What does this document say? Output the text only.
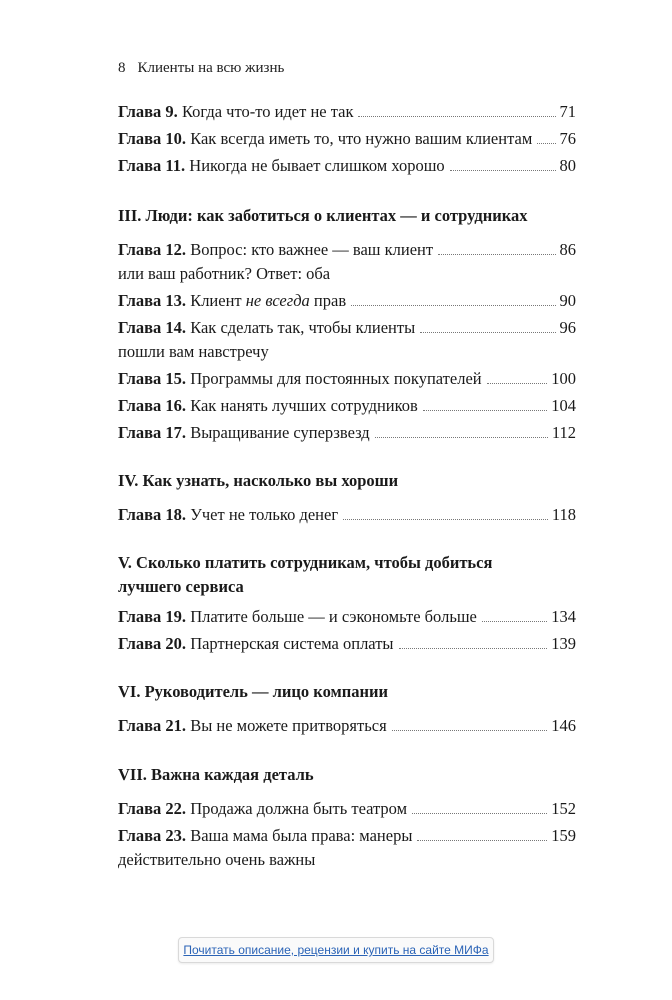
8 Клиенты на всю жизнь
Глава 9. Когда что-то идет не так	71
Глава 10. Как всегда иметь то, что нужно вашим клиентам 76
Глава 11. Никогда не бывает слишком хорошо	80
III. Люди: как заботиться о клиентах — и сотрудниках
Глава 12. Вопрос: кто важнее — ваш клиент	86
или ваш работник? Ответ: оба
Глава 13. Клиент не всегда прав	90
Глава 14. Как сделать так, чтобы клиенты	96
пошли вам навстречу
Глава 15. Программы для постоянных покупателей	100
Глава 16. Как нанять лучших сотрудников	104
Глава 17. Выращивание суперзвезд	112
IV. Как узнать, насколько вы хороши
Глава 18. Учет не только денег	118
V. Сколько платить сотрудникам, чтобы добиться
лучшего сервиса
Глава 19. Платите больше — и сэкономьте больше	134
Глава 20. Партнерская система оплаты	139
VI. Руководитель — лицо компании
Глава 21. Вы не можете притворяться	146
VII. Важна каждая деталь
Глава 22. Продажа должна быть театром	152
Глава 23. Ваша мама была права: манеры	159
действительно очень важны
Почитать описание, рецензии и купить на сайте МИФа
